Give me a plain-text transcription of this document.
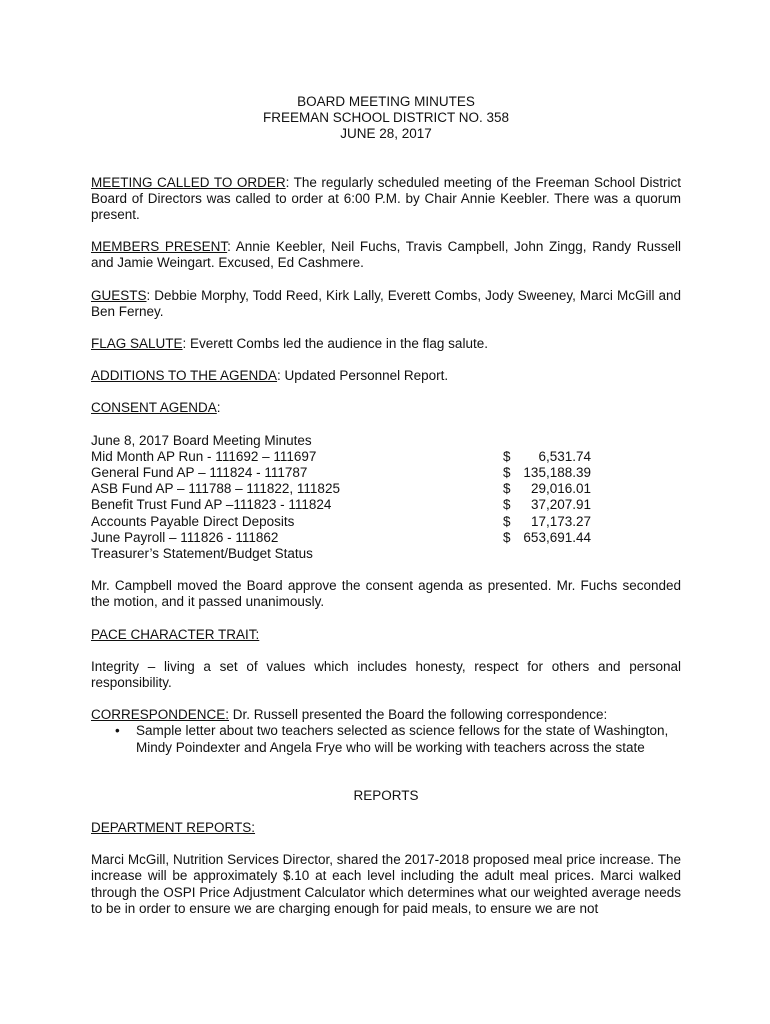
BOARD MEETING MINUTES
FREEMAN SCHOOL DISTRICT NO. 358
JUNE 28, 2017

MEETING CALLED TO ORDER: The regularly scheduled meeting of the Freeman School District Board of Directors was called to order at 6:00 P.M. by Chair Annie Keebler. There was a quorum present.

MEMBERS PRESENT: Annie Keebler, Neil Fuchs, Travis Campbell, John Zingg, Randy Russell and Jamie Weingart. Excused, Ed Cashmere.

GUESTS: Debbie Morphy, Todd Reed, Kirk Lally, Everett Combs, Jody Sweeney, Marci McGill and Ben Ferney.

FLAG SALUTE: Everett Combs led the audience in the flag salute.

ADDITIONS TO THE AGENDA: Updated Personnel Report.

CONSENT AGENDA:

June 8, 2017 Board Meeting Minutes
Mid Month AP Run - 111692 – 111697	$	6,531.74
General Fund AP – 111824 - 111787	$ 135,188.39
ASB Fund AP – 111788 – 111822, 111825	$	29,016.01
Benefit Trust Fund AP –111823 - 111824	$	37,207.91
Accounts Payable Direct Deposits	$	17,173.27
June Payroll – 111826 - 111862	$ 653,691.44
Treasurer’s Statement/Budget Status

Mr. Campbell moved the Board approve the consent agenda as presented. Mr. Fuchs seconded the motion, and it passed unanimously.

PACE CHARACTER TRAIT:

Integrity – living a set of values which includes honesty, respect for others and personal responsibility.

CORRESPONDENCE: Dr. Russell presented the Board the following correspondence:

• Sample letter about two teachers selected as science fellows for the state of Washington, Mindy Poindexter and Angela Frye who will be working with teachers across the state
REPORTS

DEPARTMENT REPORTS:

Marci McGill, Nutrition Services Director, shared the 2017-2018 proposed meal price increase. The increase will be approximately $.10 at each level including the adult meal prices. Marci walked through the OSPI Price Adjustment Calculator which determines what our weighted average needs to be in order to ensure we are charging enough for paid meals, to ensure we are not
